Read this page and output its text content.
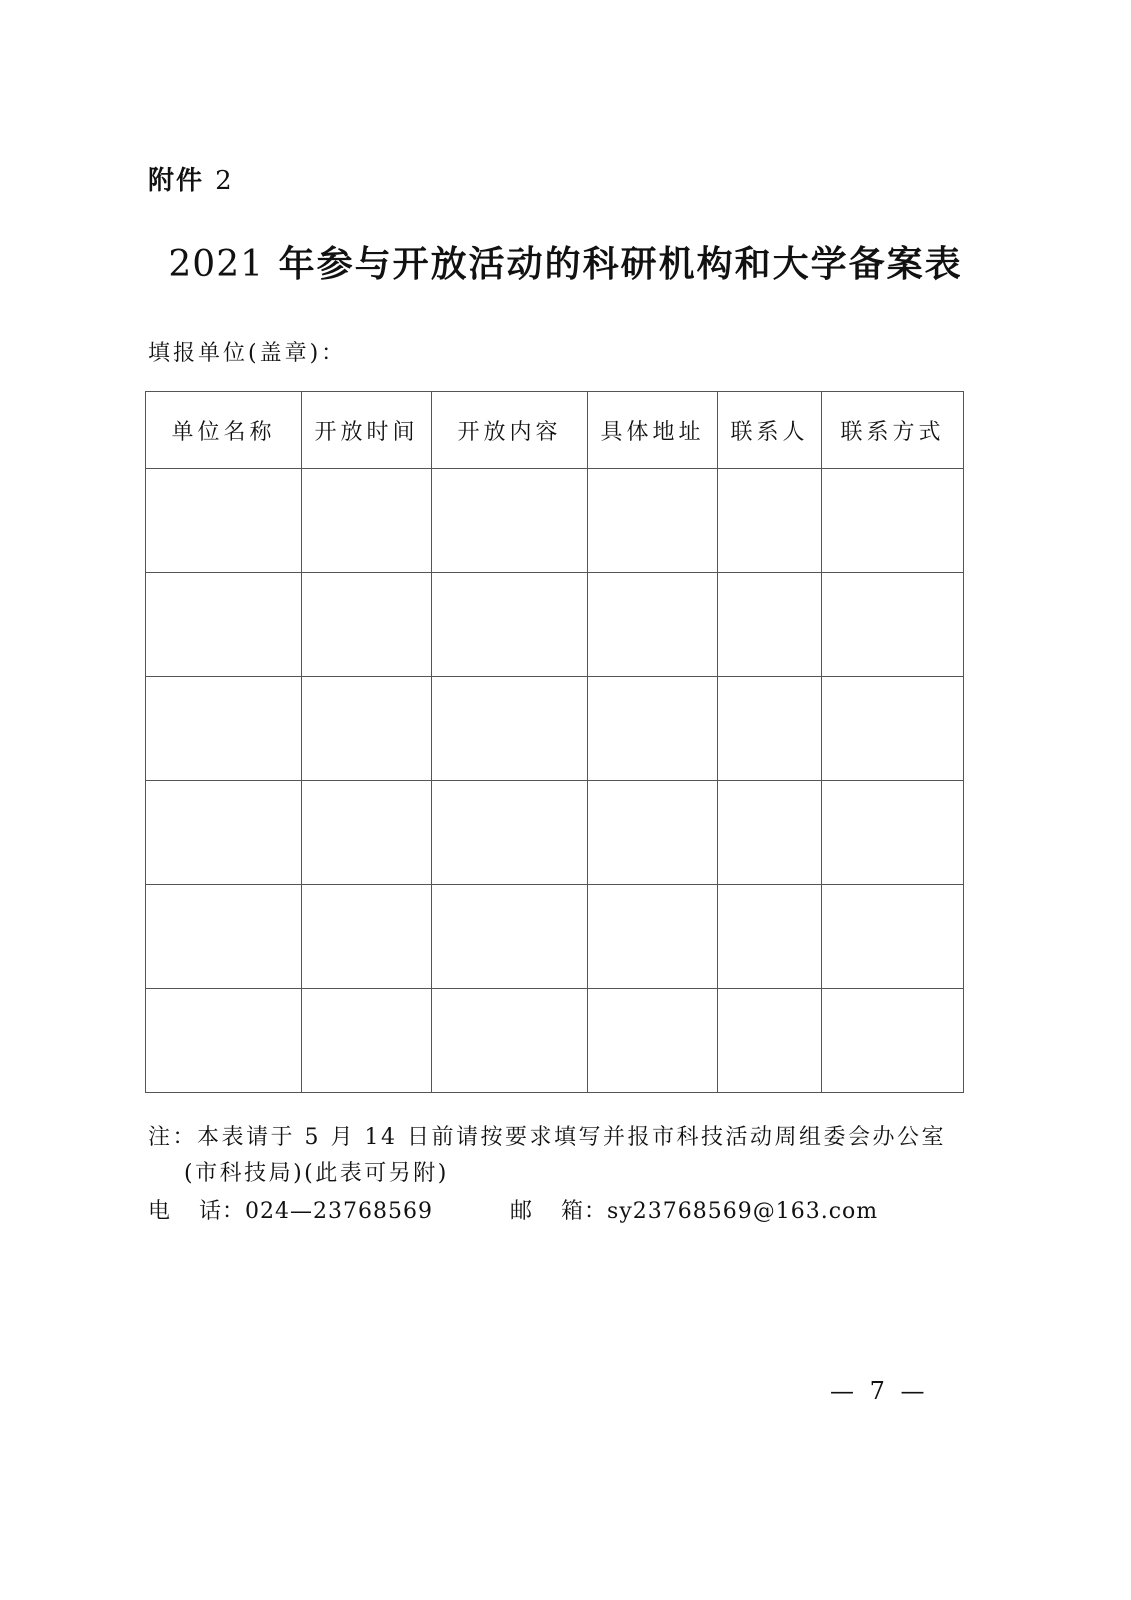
附件 2
2021 年参与开放活动的科研机构和大学备案表
填报单位(盖章)：
单位名称	开放时间	开放内容	具体地址	联系人	联系方式

注：本表请于 5 月 14 日前请按要求填写并报市科技活动周组委会办公室
(市科技局)(此表可另附)
电 话：024—23768569	邮 箱：sy23768569@163.com
— 7 —
